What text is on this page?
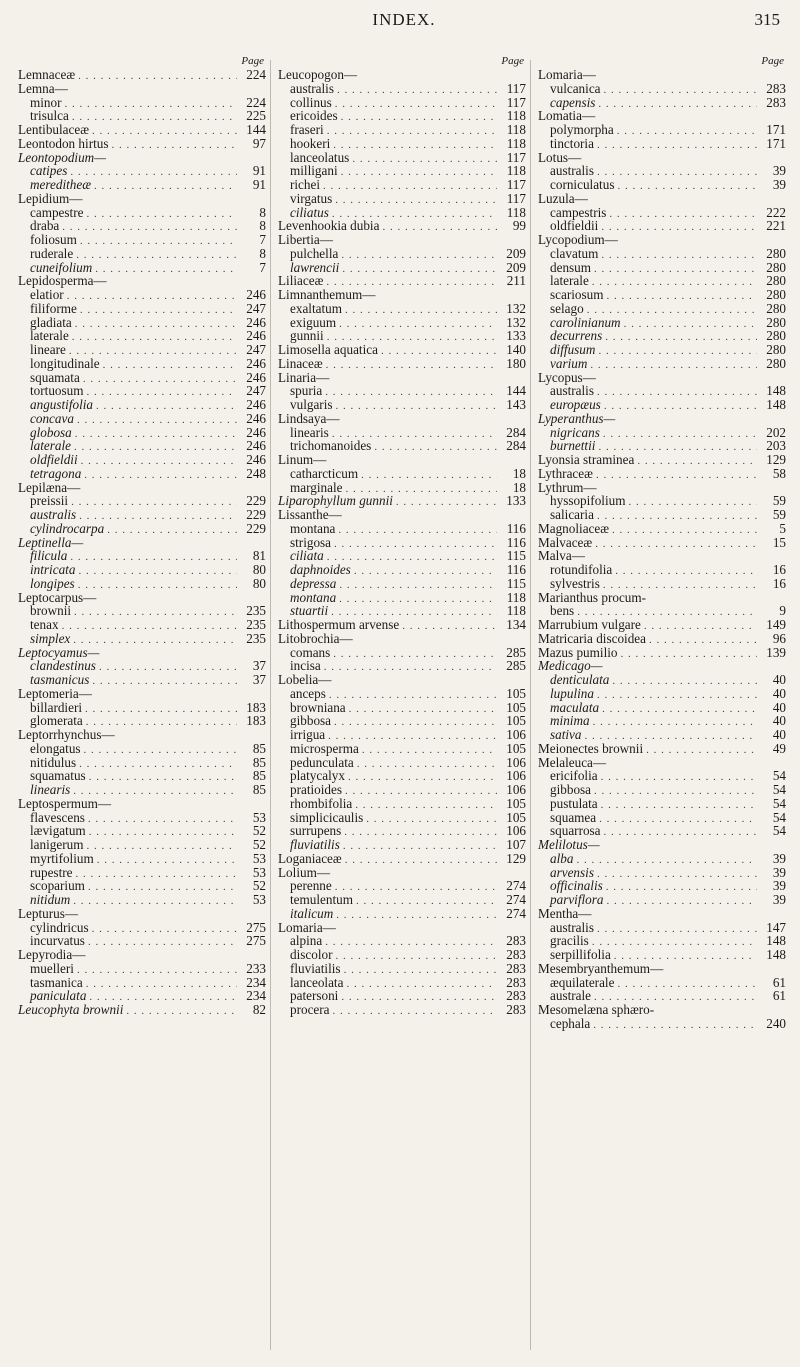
INDEX.	315
Page
Lemnaceæ . . .	224
Lemna—
minor . . .	224
trisulca . . .	225
Lentibulaceæ . . .	144
Leontodon hirtus . . .	97
Leontopodium—
catipes . . .	91
mereditheæ . . .	91
Lepidium—
campestre . . .	8
draba . . .	8
foliosum . . .	7
ruderale . . .	8
cuneifolium . . .	7
Lepidosperma—
elatior . . .	246
filiforme . . .	247
gladiata . . .	246
laterale . . .	246
lineare . . .	247
longitudinale . . .	246
squamata . . .	246
tortuosum . . .	247
angustifolia . . .	246
concava . . .	246
globosa . . .	246
laterale . . .	246
oldfieldii . . .	246
tetragona . . .	248
Lepilæna—
preissii . . .	229
australis . . .	229
cylindrocarpa . . .	229
Leptinella—
filicula . . .	81
intricata . . .	80
longipes . . .	80
Leptocarpus—
brownii . . .	235
tenax . . .	235
simplex . . .	235
Leptocyamus—
clandestinus . . .	37
tasmanicus . . .	37
Leptomeria—
billardieri . . .	183
glomerata . . .	183
Leptorrhynchus—
elongatus . . .	85
nitidulus . . .	85
squamatus . . .	85
linearis . . .	85
Leptospermum—
flavescens . . .	53
lævigatum . . .	52
lanigerum . . .	52
myrtifolium . . .	53
rupestre . . .	53
scoparium . . .	52
nitidum . . .	53
Lepturus—
cylindricus . . .	275
incurvatus . . .	275
Lepyrodia—
muelleri . . .	233
tasmanica . . .	234
paniculata . . .	234
Leucophyta brownii . . .	82
Page
Leucopogon—
australis . . .	117
collinus . . .	117
ericoides . . .	118
fraseri . . .	118
hookeri . . .	118
lanceolatus . . .	117
milligani . . .	118
richei . . .	117
virgatus . . .	117
ciliatus . . .	118
Levenhookia dubia . . .	99
Libertia—
pulchella . . .	209
lawrencii . . .	209
Liliaceæ . . .	211
Limnanthemum—
exaltatum . . .	132
exiguum . . .	132
gunnii . . .	133
Limosella aquatica . . .	140
Linaceæ . . .	180
Linaria—
spuria . . .	144
vulgaris . . .	143
Lindsaya—
linearis . . .	284
trichomanoides . . .	284
Linum—
catharcticum . . .	18
marginale . . .	18
Liparophyllum gunnii . . .	133
Lissanthe—
montana . . .	116
strigosa . . .	116
ciliata . . .	115
daphnoides . . .	116
depressa . . .	115
montana . . .	118
stuartii . . .	118
Lithospermum arvense . . .	134
Litobrochia—
comans . . .	285
incisa . . .	285
Lobelia—
anceps . . .	105
browniana . . .	105
gibbosa . . .	105
irrigua . . .	106
microsperma . . .	105
pedunculata . . .	106
platycalyx . . .	106
pratioides . . .	106
rhombifolia . . .	105
simplicicaulis . . .	105
surrupens . . .	106
fluviatilis . . .	107
Loganiaceæ . . .	129
Lolium—
perenne . . .	274
temulentum . . .	274
italicum . . .	274
Lomaria—
alpina . . .	283
discolor . . .	283
fluviatilis . . .	283
lanceolata . . .	283
patersoni . . .	283
procera . . .	283
Page
Lomaria—
vulcanica . . .	283
capensis . . .	283
Lomatia—
polymorpha . . .	171
tinctoria . . .	171
Lotus—
australis . . .	39
corniculatus . . .	39
Luzula—
campestris . . .	222
oldfieldii . . .	221
Lycopodium—
clavatum . . .	280
densum . . .	280
laterale . . .	280
scariosum . . .	280
selago . . .	280
carolinianum . . .	280
decurrens . . .	280
diffusum . . .	280
varium . . .	280
Lycopus—
australis . . .	148
europæus . . .	148
Lyperanthus—
nigricans . . .	202
burnettii . . .	203
Lyonsia straminea . . .	129
Lythraceæ . . .	58
Lythrum—
hyssopifolium . . .	59
salicaria . . .	59
Magnoliaceæ . . .	5
Malvaceæ . . .	15
Malva—
rotundifolia . . .	16
sylvestris . . .	16
Marianthus procum-
bens . . .	9
Marrubium vulgare . . .	149
Matricaria discoidea . . .	96
Mazus pumilio . . .	139
Medicago—
denticulata . . .	40
lupulina . . .	40
maculata . . .	40
minima . . .	40
sativa . . .	40
Meionectes brownii . . .	49
Melaleuca—
ericifolia . . .	54
gibbosa . . .	54
pustulata . . .	54
squamea . . .	54
squarrosa . . .	54
Melilotus—
alba . . .	39
arvensis . . .	39
officinalis . . .	39
parviflora . . .	39
Mentha—
australis . . .	147
gracilis . . .	148
serpillifolia . . .	148
Mesembryanthemum—
æquilaterale . . .	61
australe . . .	61
Mesomelæna sphæro-
cephala . . .	240
